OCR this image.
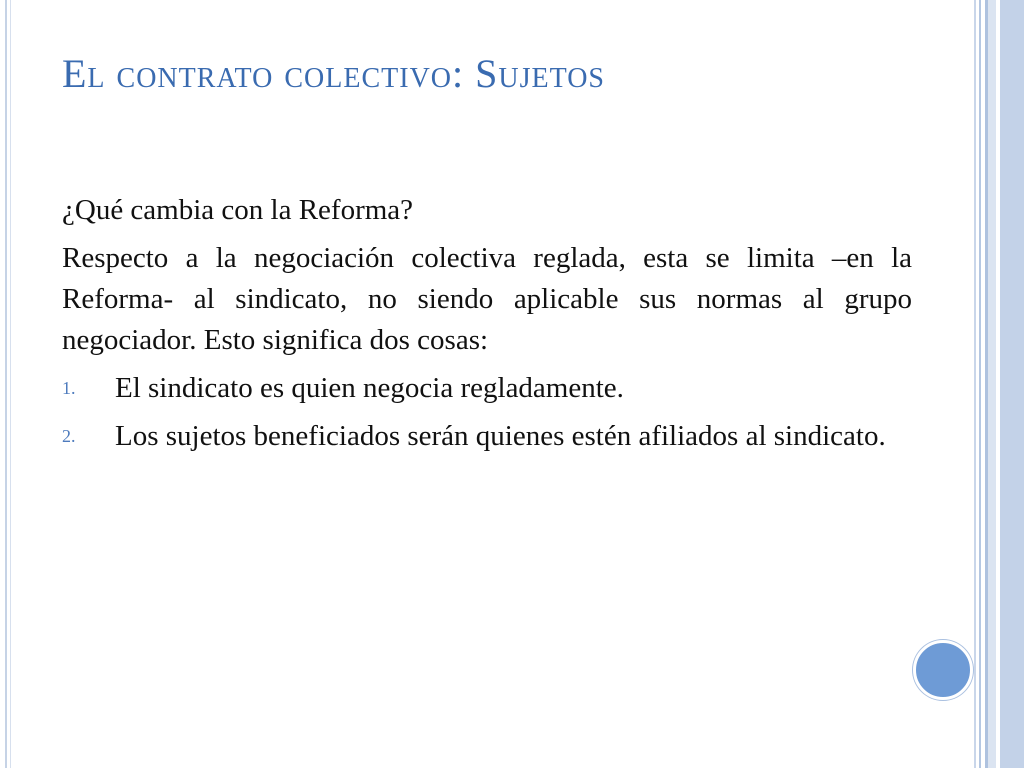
El contrato colectivo: Sujetos

¿Qué cambia con la Reforma?

Respecto a la negociación colectiva reglada, esta se limita –en la Reforma- al sindicato, no siendo aplicable sus normas al grupo negociador. Esto significa dos cosas:

1. El sindicato es quien negocia regladamente.
2. Los sujetos beneficiados serán quienes estén afiliados al sindicato.
